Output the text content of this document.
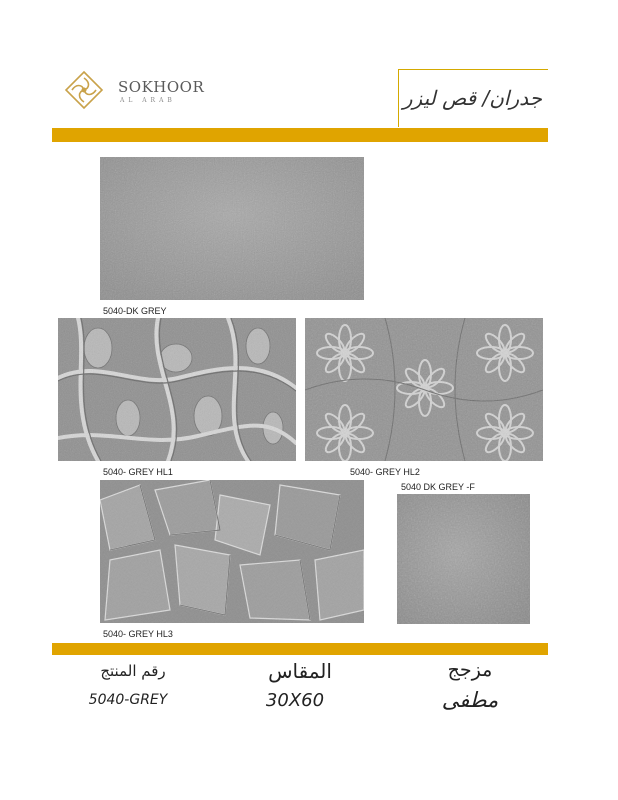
SOKHOOR
AL ARAB	جدران/ قص ليزر
5040-DK GREY
5040- GREY HL1	5040- GREY HL2
5040- GREY HL3
5040 DK GREY -F
رقم المنتج
5040-GREY
المقاس
30X60
مزجج
مطفى
